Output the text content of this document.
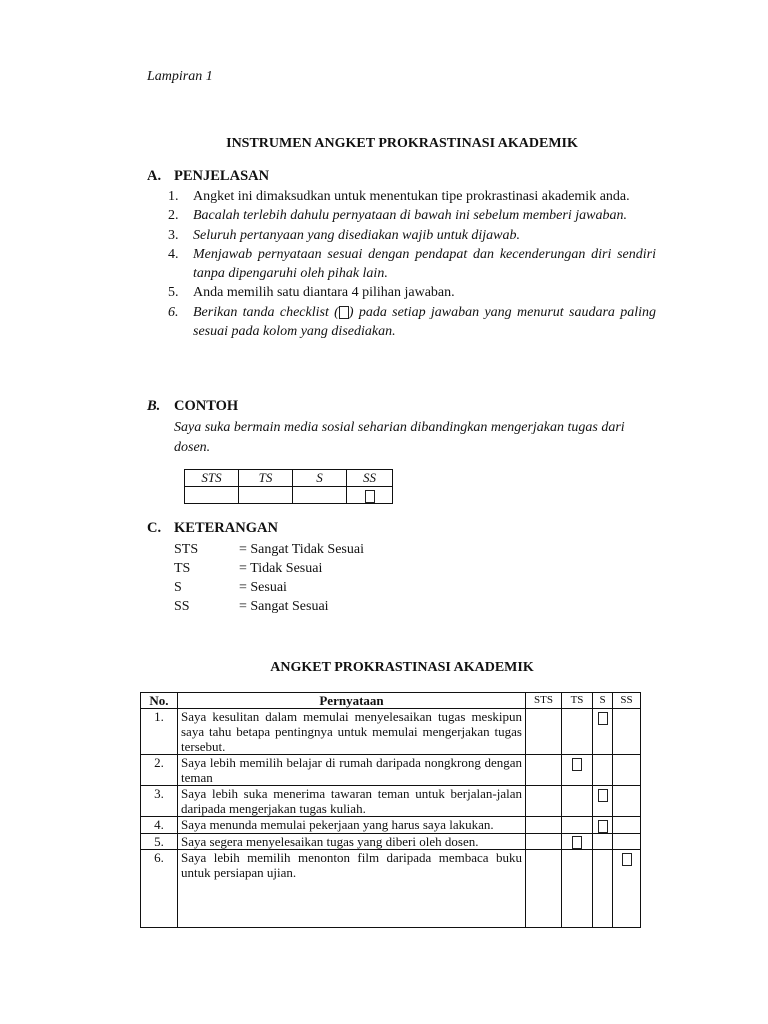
Lampiran 1
INSTRUMEN ANGKET PROKRASTINASI AKADEMIK
A. PENJELASAN
1.	Angket ini dimaksudkan untuk menentukan tipe prokrastinasi akademik anda.
2.	Bacalah terlebih dahulu pernyataan di bawah ini sebelum memberi jawaban.
3.	Seluruh pertanyaan yang disediakan wajib untuk dijawab.
4.	Menjawab pernyataan sesuai dengan pendapat dan kecenderungan diri sendiri tanpa dipengaruhi oleh pihak lain.
5.	Anda memilih satu diantara 4 pilihan jawaban.
6.	Berikan tanda checklist ( ) pada setiap jawaban yang menurut saudara paling sesuai pada kolom yang disediakan.
B. CONTOH
Saya suka bermain media sosial seharian dibandingkan mengerjakan tugas dari dosen.
STS	TS	S	SS

C. KETERANGAN
STS	= Sangat Tidak Sesuai
TS	= Tidak Sesuai
S	= Sesuai
SS	= Sangat Sesuai
ANGKET PROKRASTINASI AKADEMIK
No.	Pernyataan	STS	TS	S	SS
1.	Saya kesulitan dalam memulai menyelesaikan tugas meskipun saya tahu betapa pentingnya untuk memulai mengerjakan tugas tersebut.				
2.	Saya lebih memilih belajar di rumah daripada nongkrong dengan teman				
3.	Saya lebih suka menerima tawaran teman untuk berjalan-jalan daripada mengerjakan tugas kuliah.				
4.	Saya menunda memulai pekerjaan yang harus saya lakukan.				
5.	Saya segera menyelesaikan tugas yang diberi oleh dosen.				
6.	Saya lebih memilih menonton film daripada membaca buku untuk persiapan ujian.				
